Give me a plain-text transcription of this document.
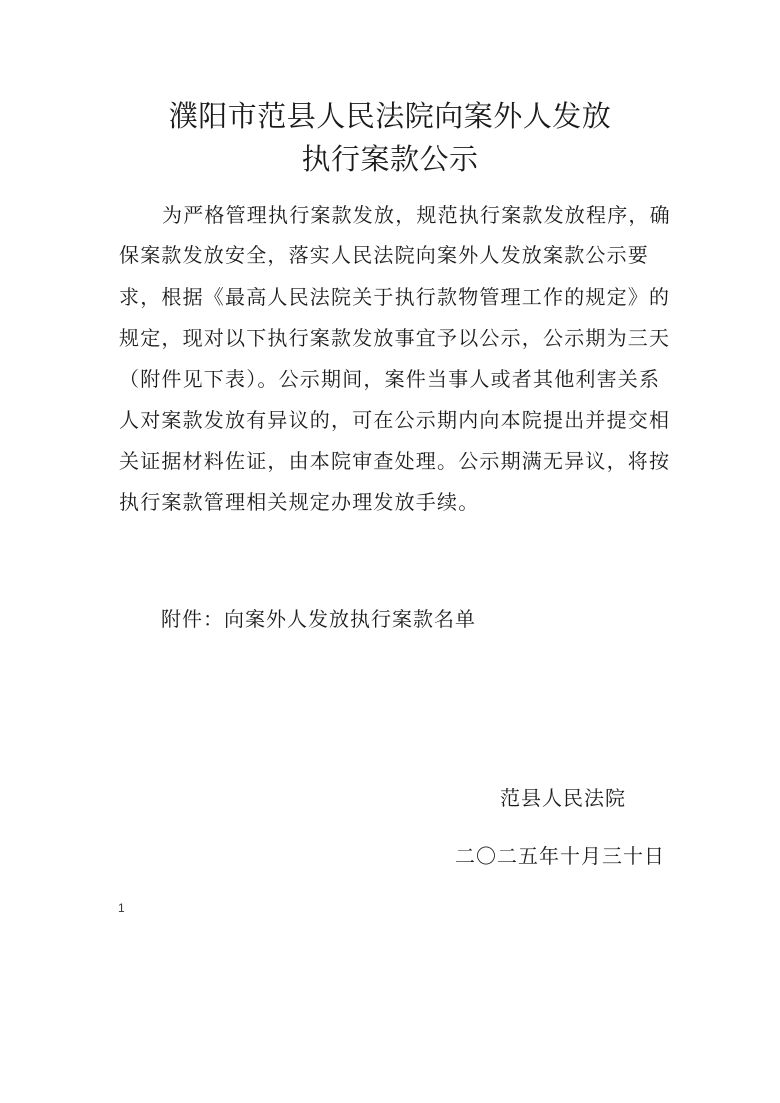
濮阳市范县人民法院向案外人发放
执行案款公示
为严格管理执行案款发放，规范执行案款发放程序，确
保案款发放安全，落实人民法院向案外人发放案款公示要
求，根据《最高人民法院关于执行款物管理工作的规定》的
规定，现对以下执行案款发放事宜予以公示，公示期为三天
（附件见下表）。公示期间，案件当事人或者其他利害关系
人对案款发放有异议的，可在公示期内向本院提出并提交相
关证据材料佐证，由本院审查处理。公示期满无异议，将按
执行案款管理相关规定办理发放手续。
附件：向案外人发放执行案款名单
范县人民法院
二〇二五年十月三十日
1
